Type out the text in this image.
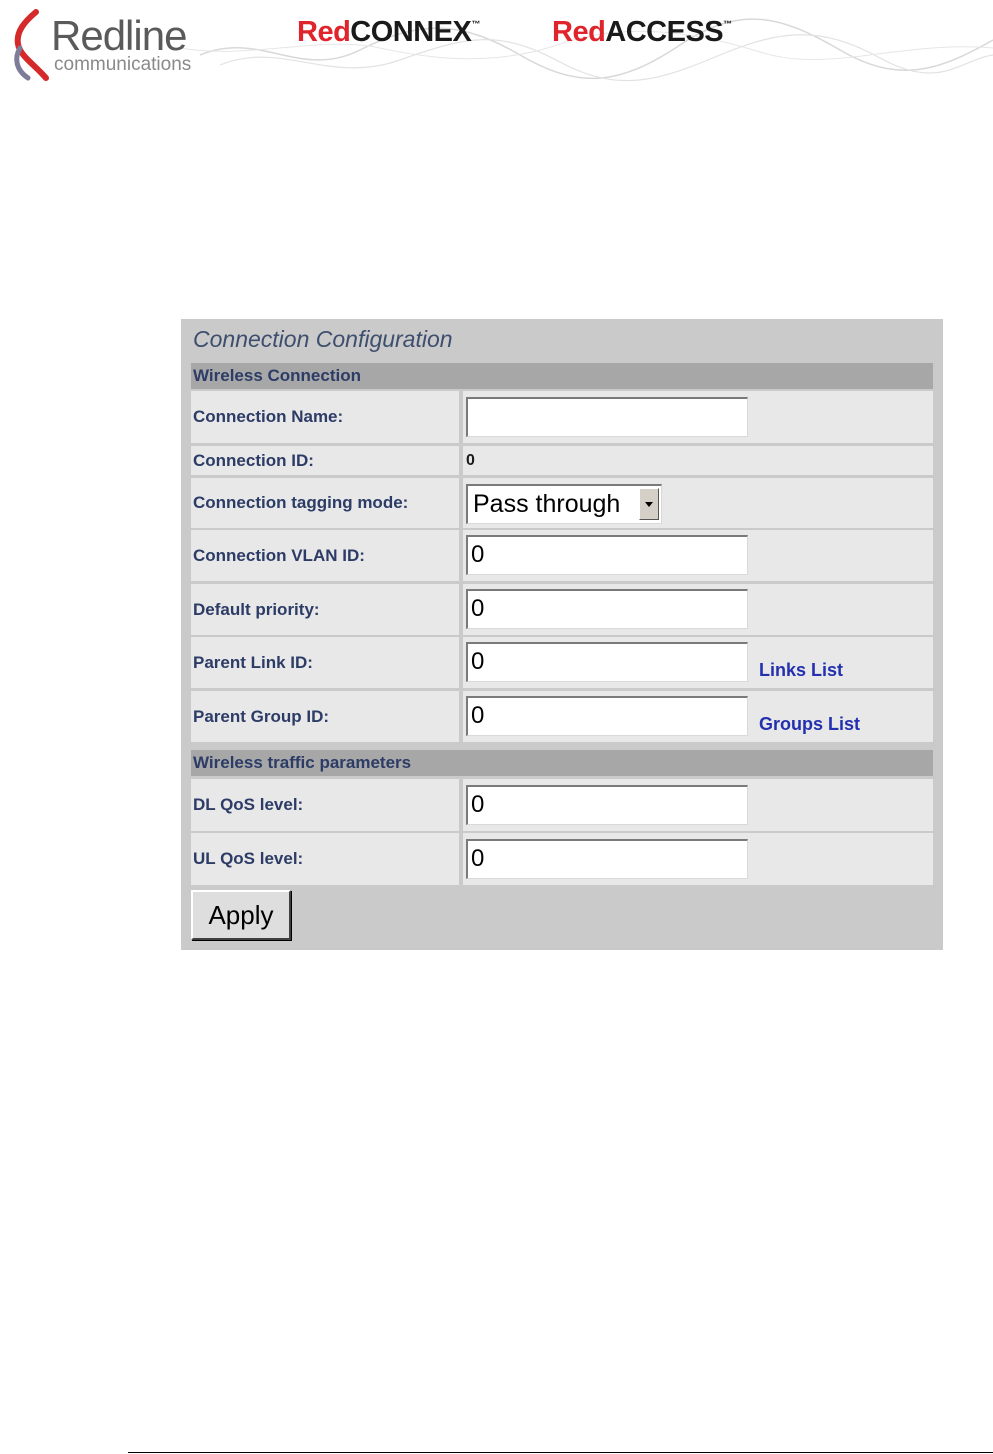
Redline
communications
RedCONNEX™ RedACCESS™
Connection Configuration
Wireless Connection
Connection Name:
Connection ID:	0
Connection tagging mode:	Pass through
Connection VLAN ID:	0
Default priority:	0
Parent Link ID:	0	Links List
Parent Group ID:	0	Groups List
Wireless traffic parameters
DL QoS level:	0
UL QoS level:	0
Apply
